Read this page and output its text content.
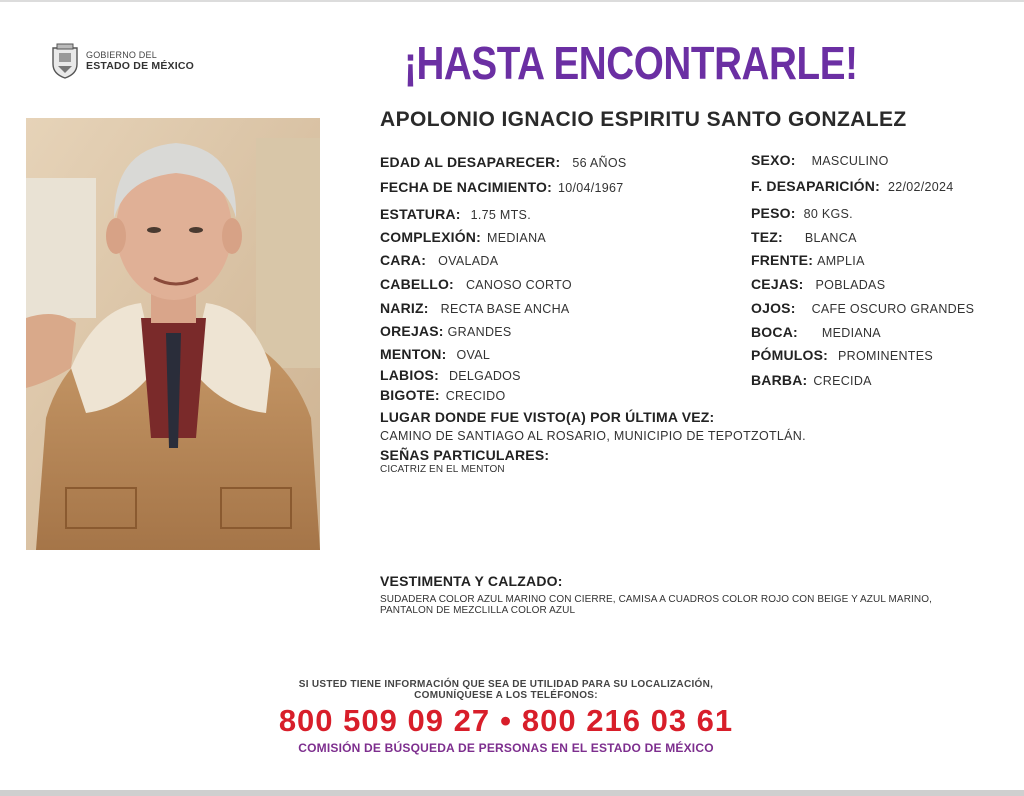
GOBIERNO DEL
ESTADO DE MÉXICO	¡HASTA ENCONTRARLE!
APOLONIO IGNACIO ESPIRITU SANTO GONZALEZ
EDAD AL DESAPARECER: 56 AÑOS
FECHA DE NACIMIENTO: 10/04/1967
ESTATURA: 1.75 MTS.
COMPLEXIÓN: MEDIANA
CARA: OVALADA
CABELLO: CANOSO CORTO
NARIZ: RECTA BASE ANCHA
OREJAS: GRANDES
MENTON: OVAL
LABIOS: DELGADOS
BIGOTE: CRECIDO
SEXO: MASCULINO
F. DESAPARICIÓN: 22/02/2024
PESO: 80 KGS.
TEZ: BLANCA
FRENTE: AMPLIA
CEJAS: POBLADAS
OJOS: CAFE OSCURO GRANDES
BOCA: MEDIANA
PÓMULOS: PROMINENTES
BARBA: CRECIDA
LUGAR DONDE FUE VISTO(A) POR ÚLTIMA VEZ:
CAMINO DE SANTIAGO AL ROSARIO, MUNICIPIO DE TEPOTZOTLÁN.
SEÑAS PARTICULARES:
CICATRIZ EN EL MENTON
VESTIMENTA Y CALZADO:
SUDADERA COLOR AZUL MARINO CON CIERRE, CAMISA A CUADROS COLOR ROJO CON BEIGE Y AZUL MARINO,
PANTALON DE MEZCLILLA COLOR AZUL
SI USTED TIENE INFORMACIÓN QUE SEA DE UTILIDAD PARA SU LOCALIZACIÓN,
COMUNÍQUESE A LOS TELÉFONOS:
800 509 09 27 • 800 216 03 61
COMISIÓN DE BÚSQUEDA DE PERSONAS EN EL ESTADO DE MÉXICO
